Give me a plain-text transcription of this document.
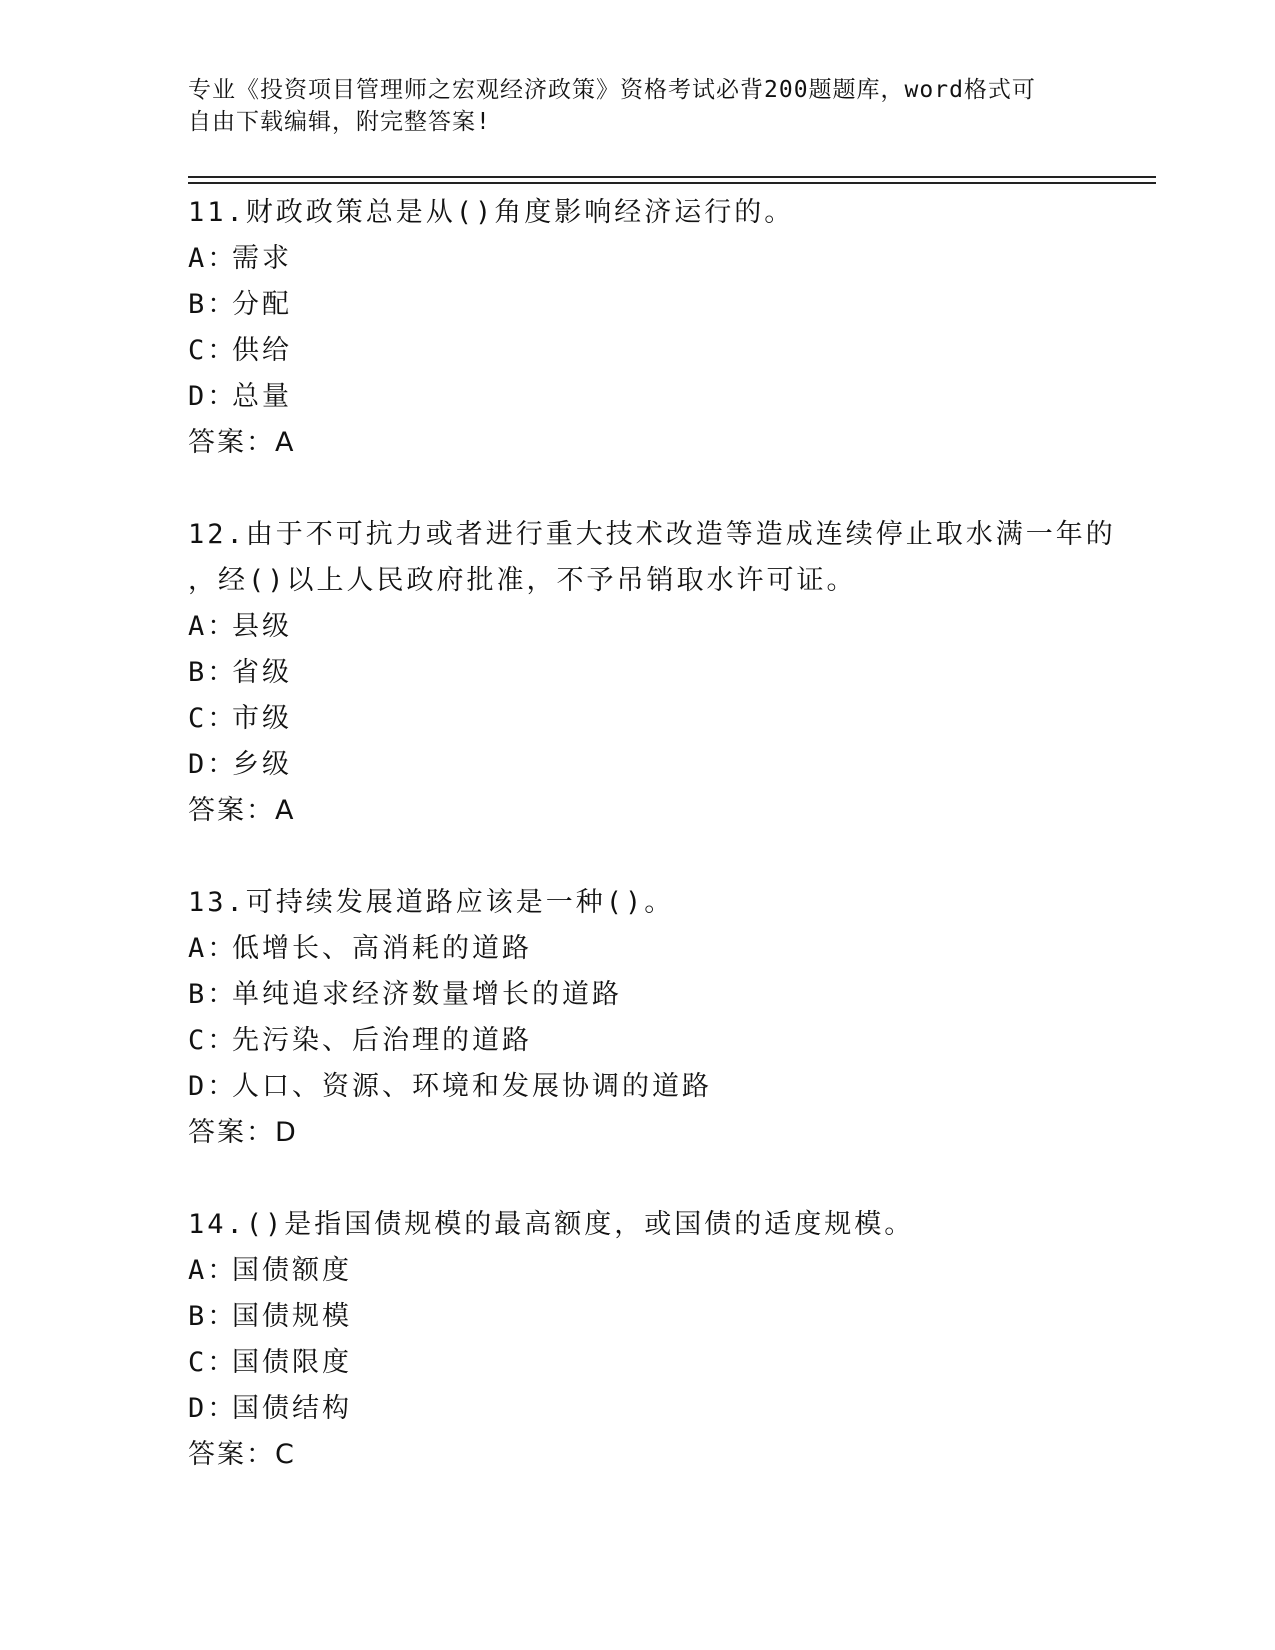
专业《投资项目管理师之宏观经济政策》资格考试必背200题题库，word格式可
自由下载编辑，附完整答案!
11.财政政策总是从()角度影响经济运行的。
A：需求
B：分配
C：供给
D：总量
答案：A
12.由于不可抗力或者进行重大技术改造等造成连续停止取水满一年的
，经()以上人民政府批准，不予吊销取水许可证。
A：县级
B：省级
C：市级
D：乡级
答案：A
13.可持续发展道路应该是一种()。
A：低增长、高消耗的道路
B：单纯追求经济数量增长的道路
C：先污染、后治理的道路
D：人口、资源、环境和发展协调的道路
答案：D
14.()是指国债规模的最高额度，或国债的适度规模。
A：国债额度
B：国债规模
C：国债限度
D：国债结构
答案：C
